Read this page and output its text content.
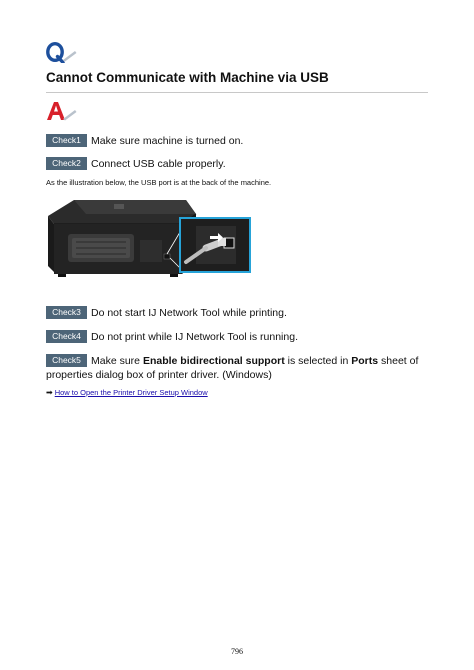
Cannot Communicate with Machine via USB
Check1 Make sure machine is turned on.
Check2 Connect USB cable properly.
As the illustration below, the USB port is at the back of the machine.
Check3 Do not start IJ Network Tool while printing.
Check4 Do not print while IJ Network Tool is running.
Check5 Make sure Enable bidirectional support is selected in Ports sheet of
properties dialog box of printer driver. (Windows)
➡ How to Open the Printer Driver Setup Window
796
